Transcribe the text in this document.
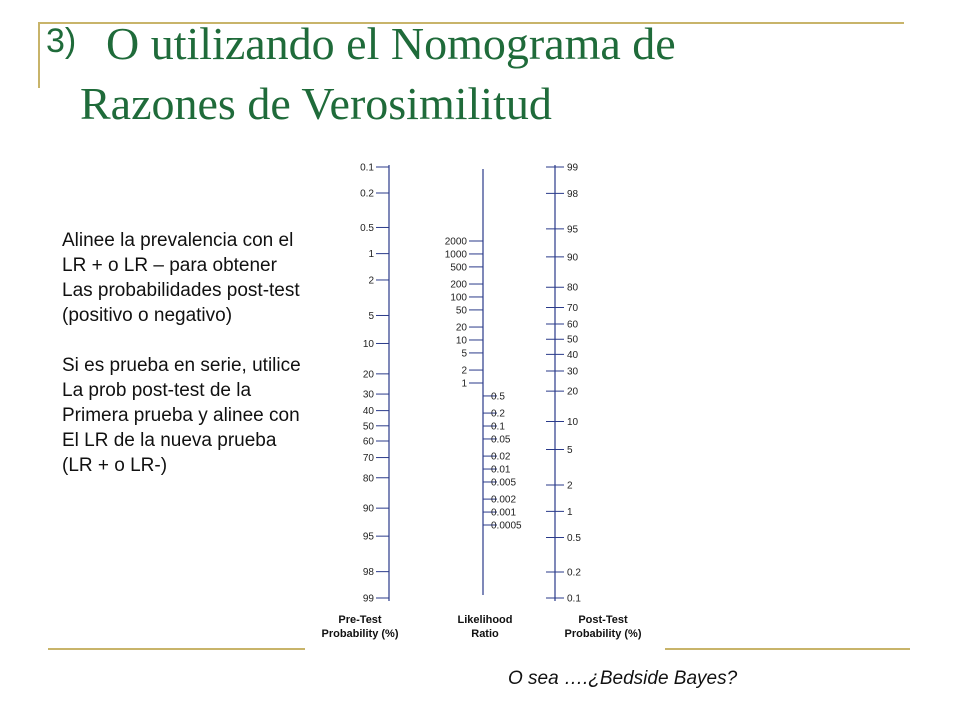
3) O utilizando el Nomograma de
Razones de Verosimilitud

Alinee la prevalencia con el

LR + o LR – para obtener

Las probabilidades post-test

(positivo o negativo)

Si es prueba en serie, utilice

La prob post-test de la

Primera prueba y alinee con

El LR de la nueva prueba

(LR + o LR-)

0.1
0.2
0.5
1
2
5
10
20
30
40
50
60
70
80
90
95
98
99
2000
1000
500
200
100
50
20
10
5
2
1
0.5
0.2
0.1
0.05
0.02
0.01
0.005
0.002
0.001
0.0005
99
98
95
90
80
70
60
50
40
30
20
10
5
2
1
0.5
0.2
0.1
Pre-Test
Probability (%)
Likelihood
Ratio
Post-Test
Probability (%)
O sea ….¿Bedside Bayes?
